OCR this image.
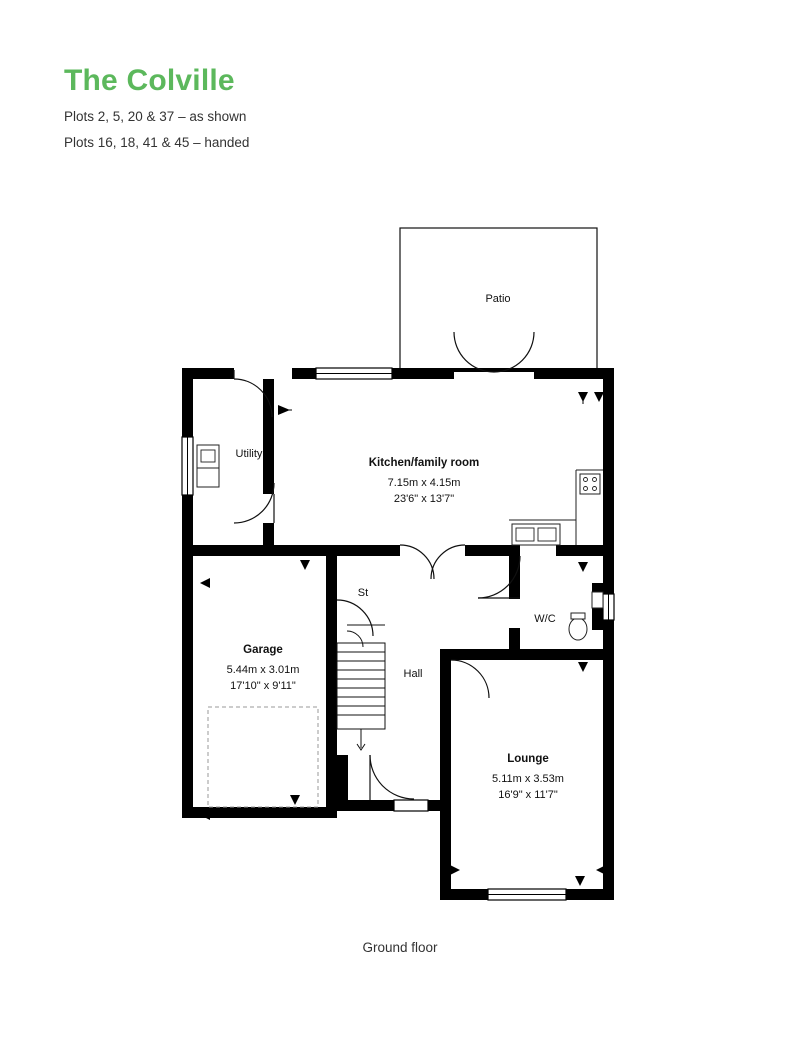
The Colville

Plots 2, 5, 20 & 37 – as shown

Plots 16, 18, 41 & 45 – handed

Patio
Utility
Kitchen/family room
7.15m x 4.15m
23'6" x 13'7"
St
W/C
Hall
Garage
5.44m x 3.01m
17'10" x 9'11"
Lounge
5.11m x 3.53m
16'9" x 11'7"
Ground floor
